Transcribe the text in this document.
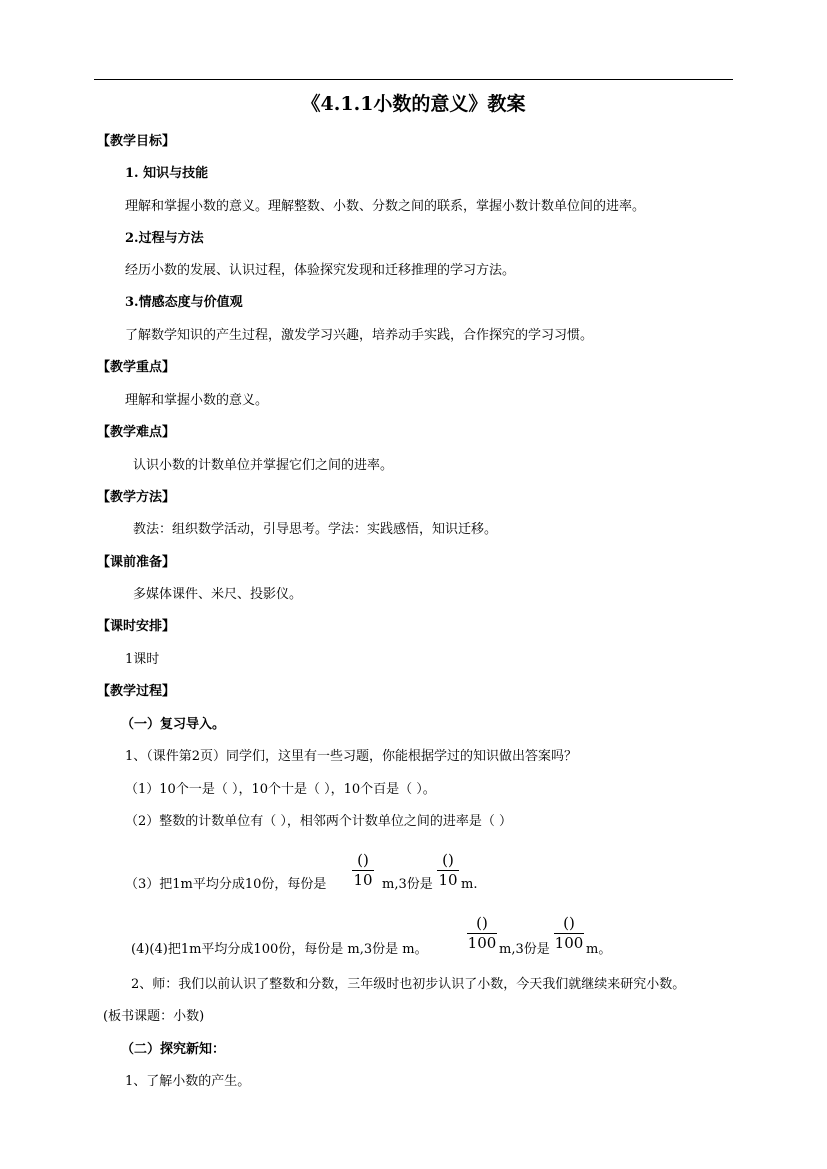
《4.1.1小数的意义》教案
【教学目标】
1. 知识与技能
理解和掌握小数的意义。理解整数、小数、分数之间的联系，掌握小数计数单位间的进率。
2.过程与方法
经历小数的发展、认识过程，体验探究发现和迁移推理的学习方法。
3.情感态度与价值观
了解数学知识的产生过程，激发学习兴趣，培养动手实践，合作探究的学习习惯。
【教学重点】
理解和掌握小数的意义。
【教学难点】
认识小数的计数单位并掌握它们之间的进率。
【教学方法】
教法：组织数学活动，引导思考。学法：实践感悟，知识迁移。
【课前准备】
多媒体课件、米尺、投影仪。
【课时安排】
1课时
【教学过程】
（一）复习导入。
1、（课件第2页）同学们，这里有一些习题，你能根据学过的知识做出答案吗？
（1）10个一是（ ），10个十是（ ），10个百是（ ）。
（2）整数的计数单位有（ ），相邻两个计数单位之间的进率是（ ）
（3）把1m平均分成10份，每份是
()
10 m,3份是
()
10 m.
(4)(4)把1m平均分成100份，每份是 m,3份是 m。
()
100 m,3份是
()
100 m。
2、师：我们以前认识了整数和分数，三年级时也初步认识了小数，今天我们就继续来研究小数。
(板书课题：小数)
（二）探究新知：
1、了解小数的产生。
